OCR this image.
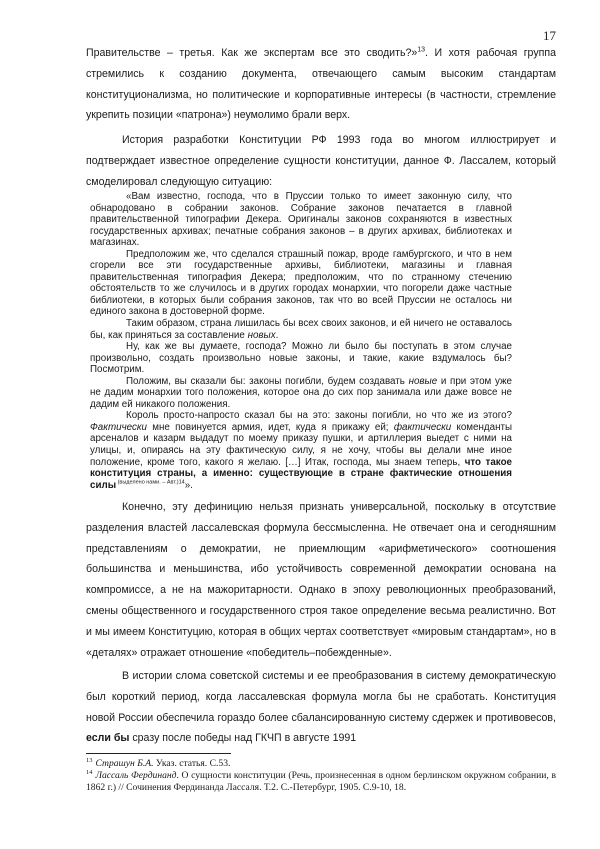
17

Правительстве – третья. Как же экспертам все это сводить?»$^{13}$. И хотя рабочая группа стремились к созданию документа, отвечающего самым высоким стандартам конституционализма, но политические и корпоративные интересы (в частности, стремление укрепить позиции «патрона») неумолимо брали верх.

История разработки Конституции РФ 1993 года во многом иллюстрирует и подтверждает известное определение сущности конституции, данное Ф. Лассалем, который смоделировал следующую ситуацию:

«Вам известно, господа, что в Пруссии только то имеет законную силу, что обнародовано в собрании законов. Собрание законов печатается в главной правительственной типографии Декера. Оригиналы законов сохраняются в известных государственных архивах; печатные собрания законов – в других архивах, библиотеках и магазинах.

Предположим же, что сделался страшный пожар, вроде гамбургского, и что в нем сгорели все эти государственные архивы, библиотеки, магазины и главная правительственная типография Декера; предположим, что по странному стечению обстоятельств то же случилось и в других городах монархии, что погорели даже частные библиотеки, в которых были собрания законов, так что во всей Пруссии не осталось ни единого закона в достоверной форме.

Таким образом, страна лишилась бы всех своих законов, и ей ничего не оставалось бы, как приняться за составление новых.

Ну, как же вы думаете, господа? Можно ли было бы поступать в этом случае произвольно, создать произвольно новые законы, и такие, какие вздумалось бы? Посмотрим.

Положим, вы сказали бы: законы погибли, будем создавать новые и при этом уже не дадим монархии того положения, которое она до сих пор занимала или даже вовсе не дадим ей никакого положения.

Король просто-напросто сказал бы на это: законы погибли, но что же из этого? Фактически мне повинуется армия, идет, куда я прикажу ей; фактически коменданты арсеналов и казарм выдадут по моему приказу пушки, и артиллерия выедет с ними на улицы, и, опираясь на эту фактическую силу, я не хочу, чтобы вы делали мне иное положение, кроме того, какого я желаю. […] Итак, господа, мы знаем теперь, что такое конституция страны, а именно: существующие в стране фактические отношения силы $^{(выделено нами. - Авт.)14}$».

Конечно, эту дефиницию нельзя признать универсальной, поскольку в отсутствие разделения властей лассалевская формула бессмысленна. Не отвечает она и сегодняшним представлениям о демократии, не приемлющим «арифметического» соотношения большинства и меньшинства, ибо устойчивость современной демократии основана на компромиссе, а не на мажоритарности. Однако в эпоху революционных преобразований, смены общественного и государственного строя такое определение весьма реалистично. Вот и мы имеем Конституцию, которая в общих чертах соответствует «мировым стандартам», но в «деталях» отражает отношение «победитель–побежденные».

В истории слома советской системы и ее преобразования в систему демократическую был короткий период, когда лассалевская формула могла бы не сработать. Конституция новой России обеспечила гораздо более сбалансированную систему сдержек и противовесов, если бы сразу после победы над ГКЧП в августе 1991

$^{13}$ Страшун Б.А. Указ. статья. С.53.

$^{14}$ Лассаль Фердинанд. О сущности конституции (Речь, произнесенная в одном берлинском окружном собрании, в 1862 г.) // Сочинения Фердинанда Лассаля. Т.2. С.-Петербург, 1905. С.9-10, 18.
